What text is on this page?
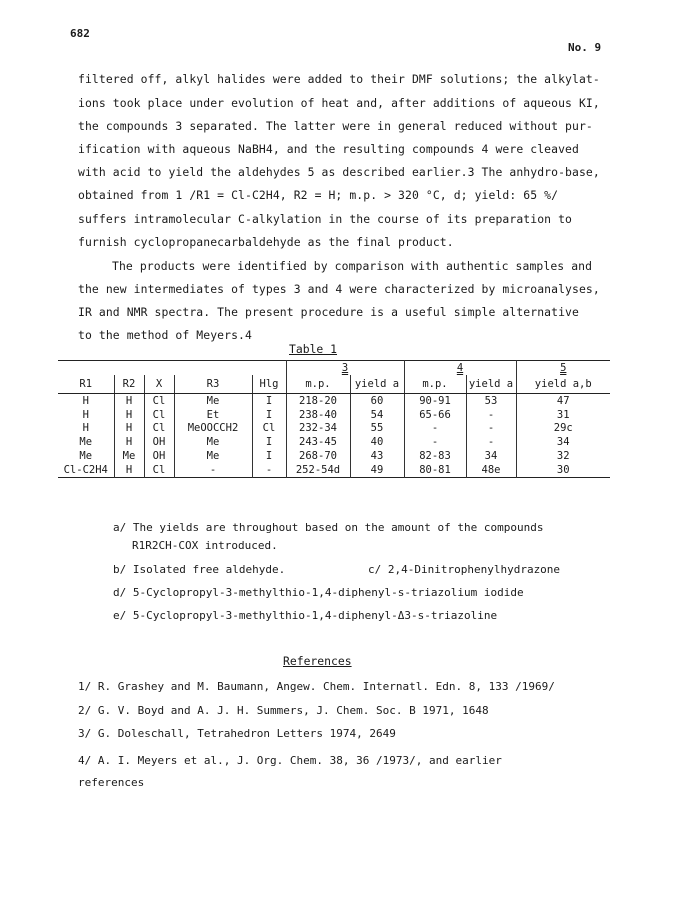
682
No. 9
filtered off, alkyl halides were added to their DMF solutions; the alkylat-
ions took place under evolution of heat and, after additions of aqueous KI,
the compounds 3 separated. The latter were in general reduced without pur-
ification with aqueous NaBH4, and the resulting compounds 4 were cleaved
with acid to yield the aldehydes 5 as described earlier.3 The anhydro-base,
obtained from 1 /R1 = Cl-C2H4, R2 = H; m.p. > 320 °C, d; yield: 65 %/
suffers intramolecular C-alkylation in the course of its preparation to
furnish cyclopropanecarbaldehyde as the final product.
The products were identified by comparison with authentic samples and
the new intermediates of types 3 and 4 were characterized by microanalyses,
IR and NMR spectra. The present procedure is a useful simple alternative
to the method of Meyers.4
Table 1
					3		4		5
R1	R2	X	R3	Hlg	m.p.	yield a	m.p.	yield a	yield a,b
H	H	Cl	Me	I	218-20	60	90-91	53	47
H	H	Cl	Et	I	238-40	54	65-66	-	31
H	H	Cl	MeOOCCH2	Cl	232-34	55	-	-	29c
Me	H	OH	Me	I	243-45	40	-	-	34
Me	Me	OH	Me	I	268-70	43	82-83	34	32
Cl-C2H4	H	Cl	-	-	252-54d	49	80-81	48e	30
a/ The yields are throughout based on the amount of the compounds
R1R2CH-COX introduced.
b/ Isolated free aldehyde.	c/ 2,4-Dinitrophenylhydrazone
d/ 5-Cyclopropyl-3-methylthio-1,4-diphenyl-s-triazolium iodide
e/ 5-Cyclopropyl-3-methylthio-1,4-diphenyl-Δ3-s-triazoline
References
1/ R. Grashey and M. Baumann, Angew. Chem. Internatl. Edn. 8, 133 /1969/
2/ G. V. Boyd and A. J. H. Summers, J. Chem. Soc. B 1971, 1648
3/ G. Doleschall, Tetrahedron Letters 1974, 2649
4/ A. I. Meyers et al., J. Org. Chem. 38, 36 /1973/, and earlier references
